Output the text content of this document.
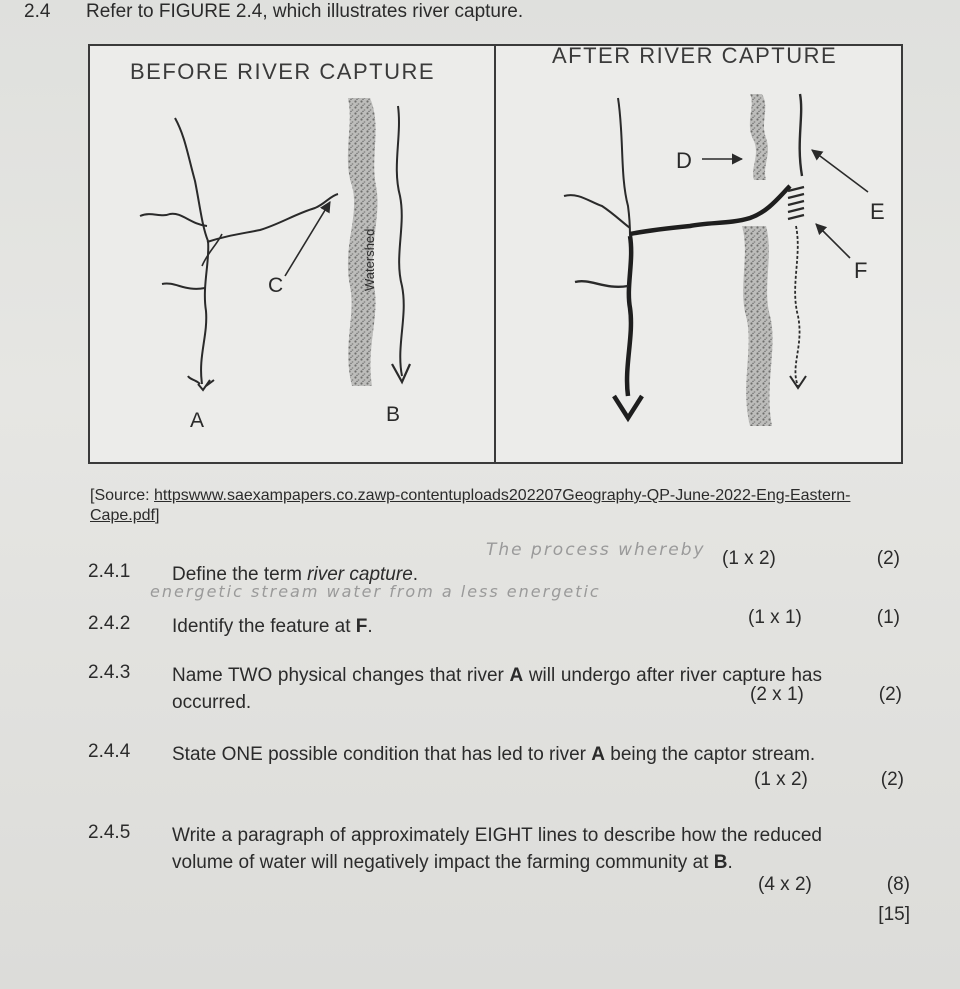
2.4 Refer to FIGURE 2.4, which illustrates river capture.
BEFORE RIVER CAPTURE
AFTER RIVER CAPTURE
Watershed
C
A	B
D
E
F
[Source: httpswww.saexampapers.co.zawp-contentuploads202207Geography-QP-June-2022-Eng-Eastern-Cape.pdf]
The process whereby
energetic stream water from a less energetic
2.4.1	Define the term river capture.
(1 x 2)	(2)
2.4.2	Identify the feature at F.	(1 x 1)	(1)
2.4.3	Name TWO physical changes that river A will undergo after river capture has occurred.	(2 x 1)	(2)
2.4.4	State ONE possible condition that has led to river A being the captor stream.
(1 x 2)	(2)
2.4.5	Write a paragraph of approximately EIGHT lines to describe how the reduced volume of water will negatively impact the farming community at B.
(4 x 2)	(8)
[15]
